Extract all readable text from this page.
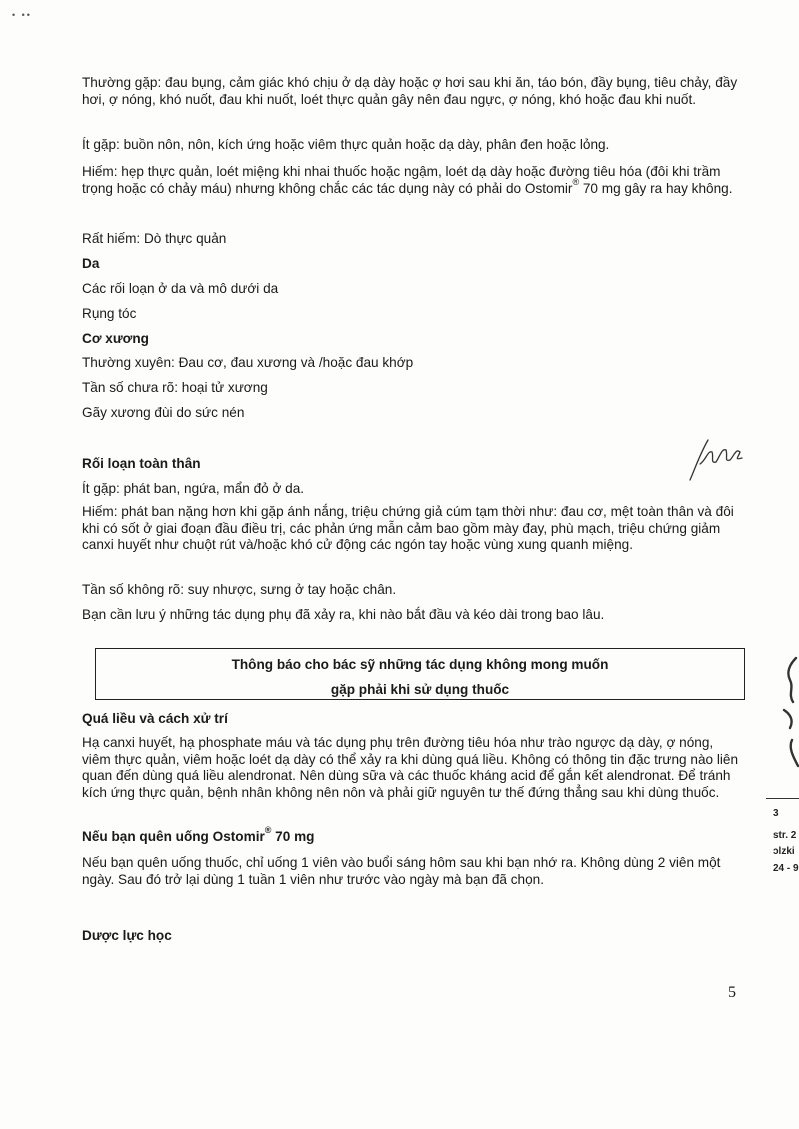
• ••

Thường gặp: đau bụng, cảm giác khó chịu ở dạ dày hoặc ợ hơi sau khi ăn, táo bón, đầy bụng, tiêu chảy, đầy hơi, ợ nóng, khó nuốt, đau khi nuốt, loét thực quản gây nên đau ngực, ợ nóng, khó hoặc đau khi nuốt.

Ít gặp: buồn nôn, nôn, kích ứng hoặc viêm thực quản hoặc dạ dày, phân đen hoặc lỏng.

Hiếm: hẹp thực quản, loét miệng khi nhai thuốc hoặc ngậm, loét dạ dày hoặc đường tiêu hóa (đôi khi trầm trọng hoặc có chảy máu) nhưng không chắc các tác dụng này có phải do Ostomir® 70 mg gây ra hay không.

Rất hiếm: Dò thực quản

Da

Các rối loạn ở da và mô dưới da

Rụng tóc

Cơ xương

Thường xuyên: Đau cơ, đau xương và /hoặc đau khớp

Tần số chưa rõ: hoại tử xương

Gãy xương đùi do sức nén

Rối loạn toàn thân

Ít gặp: phát ban, ngứa, mẩn đỏ ở da.

Hiếm: phát ban nặng hơn khi gặp ánh nắng, triệu chứng giả cúm tạm thời như: đau cơ, mệt toàn thân và đôi khi có sốt ở giai đoạn đầu điều trị, các phản ứng mẫn cảm bao gồm mày đay, phù mạch, triệu chứng giảm canxi huyết như chuột rút và/hoặc khó cử động các ngón tay hoặc vùng xung quanh miệng.

Tần số không rõ: suy nhược, sưng ở tay hoặc chân.

Bạn cần lưu ý những tác dụng phụ đã xảy ra, khi nào bắt đầu và kéo dài trong bao lâu.

Thông báo cho bác sỹ những tác dụng không mong muốn

gặp phải khi sử dụng thuốc

Quá liều và cách xử trí

Hạ canxi huyết, hạ phosphate máu và tác dụng phụ trên đường tiêu hóa như trào ngược dạ dày, ợ nóng, viêm thực quản, viêm hoặc loét dạ dày có thể xảy ra khi dùng quá liều. Không có thông tin đặc trưng nào liên quan đến dùng quá liều alendronat. Nên dùng sữa và các thuốc kháng acid để gắn kết alendronat. Để tránh kích ứng thực quản, bệnh nhân không nên nôn và phải giữ nguyên tư thế đứng thẳng sau khi dùng thuốc.

Nếu bạn quên uống Ostomir® 70 mg

Nếu bạn quên uống thuốc, chỉ uống 1 viên vào buổi sáng hôm sau khi bạn nhớ ra. Không dùng 2 viên một ngày. Sau đó trở lại dùng 1 tuần 1 viên như trước vào ngày mà bạn đã chọn.

Dược lực học

5
3
str. 2
ɔlzki
24 - 9
